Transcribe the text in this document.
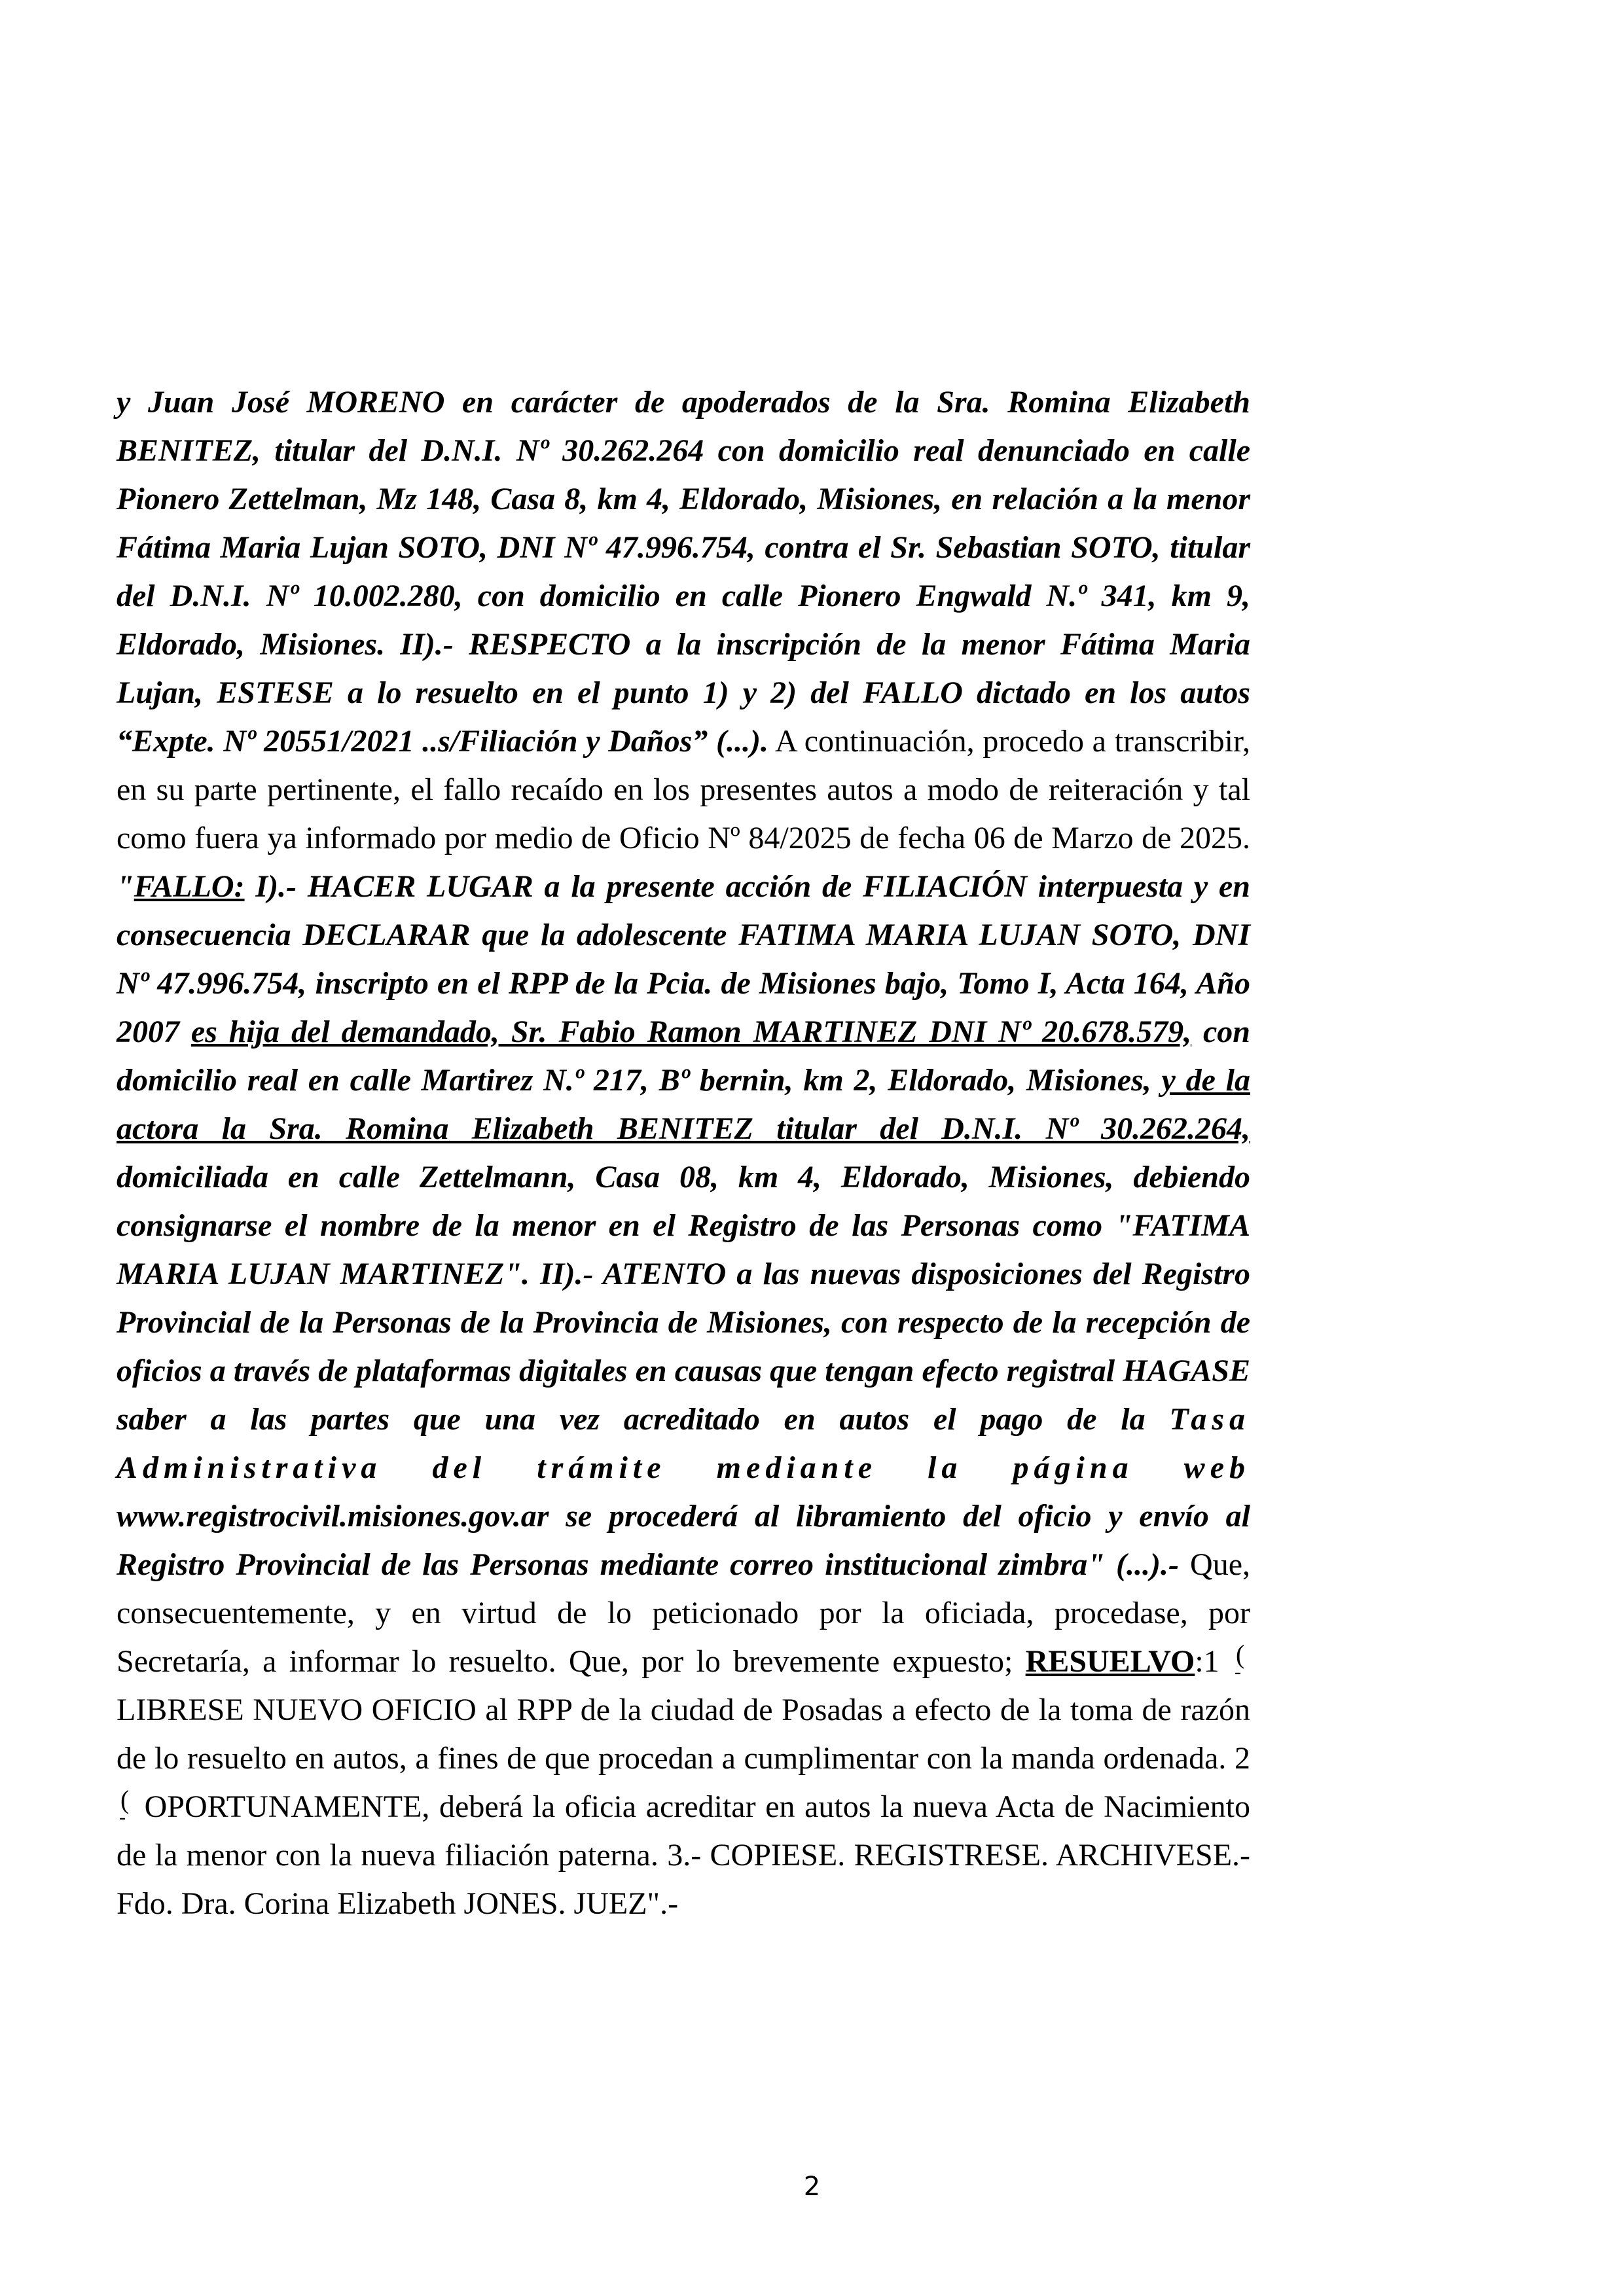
y Juan José MORENO en carácter de apoderados de la Sra. Romina Elizabeth BENITEZ, titular del D.N.I. Nº 30.262.264 con domicilio real denunciado en calle Pionero Zettelman, Mz 148, Casa 8, km 4, Eldorado, Misiones, en relación a la menor Fátima Maria Lujan SOTO, DNI Nº 47.996.754, contra el Sr. Sebastian SOTO, titular del D.N.I. Nº 10.002.280, con domicilio en calle Pionero Engwald N.º 341, km 9, Eldorado, Misiones. II).- RESPECTO a la inscripción de la menor Fátima Maria Lujan, ESTESE a lo resuelto en el punto 1) y 2) del FALLO dictado en los autos “Expte. Nº 20551/2021 ..s/Filiación y Daños” (...). A continuación, procedo a transcribir, en su parte pertinente, el fallo recaído en los presentes autos a modo de reiteración y tal como fuera ya informado por medio de Oficio Nº 84/2025 de fecha 06 de Marzo de 2025. "FALLO: I).- HACER LUGAR a la presente acción de FILIACIÓN interpuesta y en consecuencia DECLARAR que la adolescente FATIMA MARIA LUJAN SOTO, DNI Nº 47.996.754, inscripto en el RPP de la Pcia. de Misiones bajo, Tomo I, Acta 164, Año 2007 es hija del demandado, Sr. Fabio Ramon MARTINEZ DNI Nº 20.678.579, con domicilio real en calle Martirez N.º 217, Bº bernin, km 2, Eldorado, Misiones, y de la actora la Sra. Romina Elizabeth BENITEZ titular del D.N.I. Nº 30.262.264, domiciliada en calle Zettelmann, Casa 08, km 4, Eldorado, Misiones, debiendo consignarse el nombre de la menor en el Registro de las Personas como "FATIMA MARIA LUJAN MARTINEZ". II).- ATENTO a las nuevas disposiciones del Registro Provincial de la Personas de la Provincia de Misiones, con respecto de la recepción de oficios a través de plataformas digitales en causas que tengan efecto registral HAGASE saber a las partes que una vez acreditado en autos el pago de la Tasa Administrativa del trámite mediante la página web www.registrocivil.misiones.gov.ar se procederá al libramiento del oficio y envío al Registro Provincial de las Personas mediante correo institucional zimbra" (...).- Que, consecuentemente, y en virtud de lo peticionado por la oficiada, procedase, por Secretaría, a informar lo resuelto. Que, por lo brevemente expuesto; RESUELVO:1 (
-
LIBRESE NUEVO OFICIO al RPP de la ciudad de Posadas a efecto de la toma de razón de lo resuelto en autos, a fines de que procedan a cumplimentar con la manda ordenada. 2
(
- OPORTUNAMENTE, deberá la oficia acreditar en autos la nueva Acta de Nacimiento de la menor con la nueva filiación paterna. 3.- COPIESE. REGISTRESE. ARCHIVESE.- Fdo. Dra. Corina Elizabeth JONES. JUEZ".-

2
